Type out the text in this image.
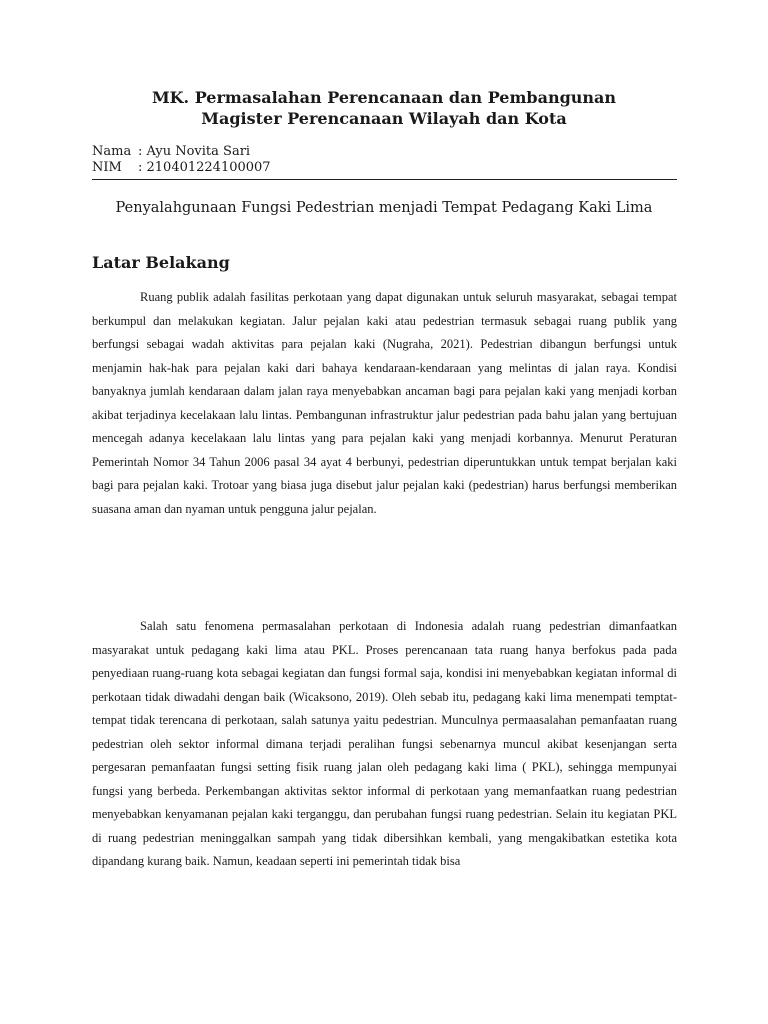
MK. Permasalahan Perencanaan dan Pembangunan
Magister Perencanaan Wilayah dan Kota
Nama : Ayu Novita Sari
NIM : 210401224100007
Penyalahgunaan Fungsi Pedestrian menjadi Tempat Pedagang Kaki Lima
Latar Belakang

Ruang publik adalah fasilitas perkotaan yang dapat digunakan untuk seluruh masyarakat, sebagai tempat berkumpul dan melakukan kegiatan. Jalur pejalan kaki atau pedestrian termasuk sebagai ruang publik yang berfungsi sebagai wadah aktivitas para pejalan kaki (Nugraha, 2021). Pedestrian dibangun berfungsi untuk menjamin hak-hak para pejalan kaki dari bahaya kendaraan-kendaraan yang melintas di jalan raya. Kondisi banyaknya jumlah kendaraan dalam jalan raya menyebabkan ancaman bagi para pejalan kaki yang menjadi korban akibat terjadinya kecelakaan lalu lintas. Pembangunan infrastruktur jalur pedestrian pada bahu jalan yang bertujuan mencegah adanya kecelakaan lalu lintas yang para pejalan kaki yang menjadi korbannya. Menurut Peraturan Pemerintah Nomor 34 Tahun 2006 pasal 34 ayat 4 berbunyi, pedestrian diperuntukkan untuk tempat berjalan kaki bagi para pejalan kaki. Trotoar yang biasa juga disebut jalur pejalan kaki (pedestrian) harus berfungsi memberikan suasana aman dan nyaman untuk pengguna jalur pejalan.

Salah satu fenomena permasalahan perkotaan di Indonesia adalah ruang pedestrian dimanfaatkan masyarakat untuk pedagang kaki lima atau PKL. Proses perencanaan tata ruang hanya berfokus pada pada penyediaan ruang-ruang kota sebagai kegiatan dan fungsi formal saja, kondisi ini menyebabkan kegiatan informal di perkotaan tidak diwadahi dengan baik (Wicaksono, 2019). Oleh sebab itu, pedagang kaki lima menempati temptat-tempat tidak terencana di perkotaan, salah satunya yaitu pedestrian. Munculnya permaasalahan pemanfaatan ruang pedestrian oleh sektor informal dimana terjadi peralihan fungsi sebenarnya muncul akibat kesenjangan serta pergesaran pemanfaatan fungsi setting fisik ruang jalan oleh pedagang kaki lima ( PKL), sehingga mempunyai fungsi yang berbeda. Perkembangan aktivitas sektor informal di perkotaan yang memanfaatkan ruang pedestrian menyebabkan kenyamanan pejalan kaki terganggu, dan perubahan fungsi ruang pedestrian. Selain itu kegiatan PKL di ruang pedestrian meninggalkan sampah yang tidak dibersihkan kembali, yang mengakibatkan estetika kota dipandang kurang baik. Namun, keadaan seperti ini pemerintah tidak bisa
